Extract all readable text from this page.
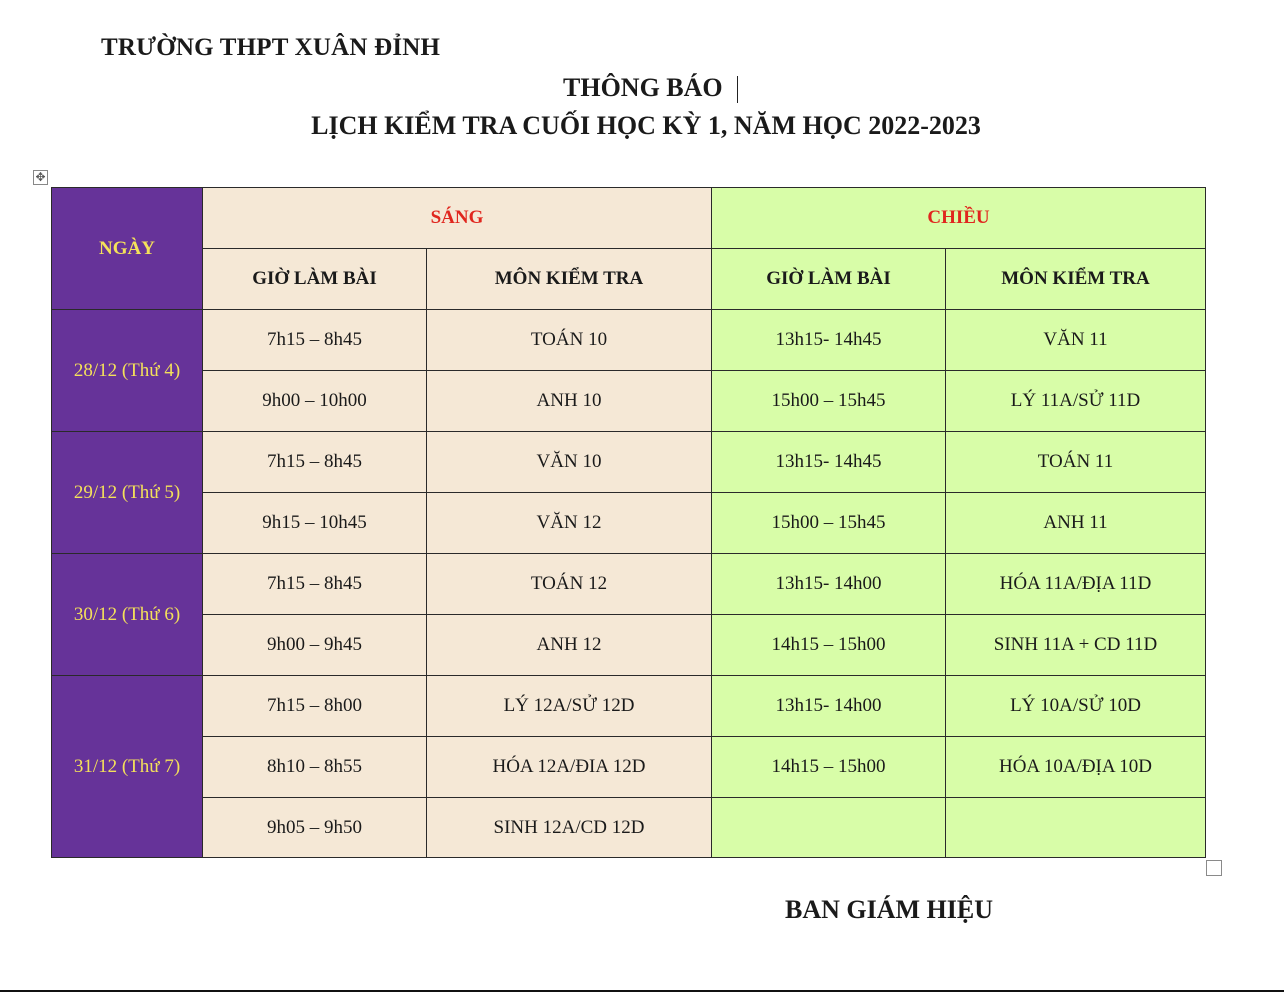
TRƯỜNG THPT XUÂN ĐỈNH
THÔNG BÁO
LỊCH KIỂM TRA CUỐI HỌC KỲ 1, NĂM HỌC 2022-2023
✥
NGÀY	SÁNG		CHIỀU	
	GIỜ LÀM BÀI	MÔN KIỂM TRA	GIỜ LÀM BÀI	MÔN KIỂM TRA
28/12 (Thứ 4)	7h15 – 8h45	TOÁN 10	13h15- 14h45	VĂN 11
	9h00 – 10h00	ANH 10	15h00 – 15h45	LÝ 11A/SỬ 11D
29/12 (Thứ 5)	7h15 – 8h45	VĂN 10	13h15- 14h45	TOÁN 11
	9h15 – 10h45	VĂN 12	15h00 – 15h45	ANH 11
30/12 (Thứ 6)	7h15 – 8h45	TOÁN 12	13h15- 14h00	HÓA 11A/ĐỊA 11D
	9h00 – 9h45	ANH 12	14h15 – 15h00	SINH 11A + CD 11D
31/12 (Thứ 7)	7h15 – 8h00	LÝ 12A/SỬ 12D	13h15- 14h00	LÝ 10A/SỬ 10D
	8h10 – 8h55	HÓA 12A/ĐIA 12D	14h15 – 15h00	HÓA 10A/ĐỊA 10D
	9h05 – 9h50	SINH 12A/CD 12D		
BAN GIÁM HIỆU
